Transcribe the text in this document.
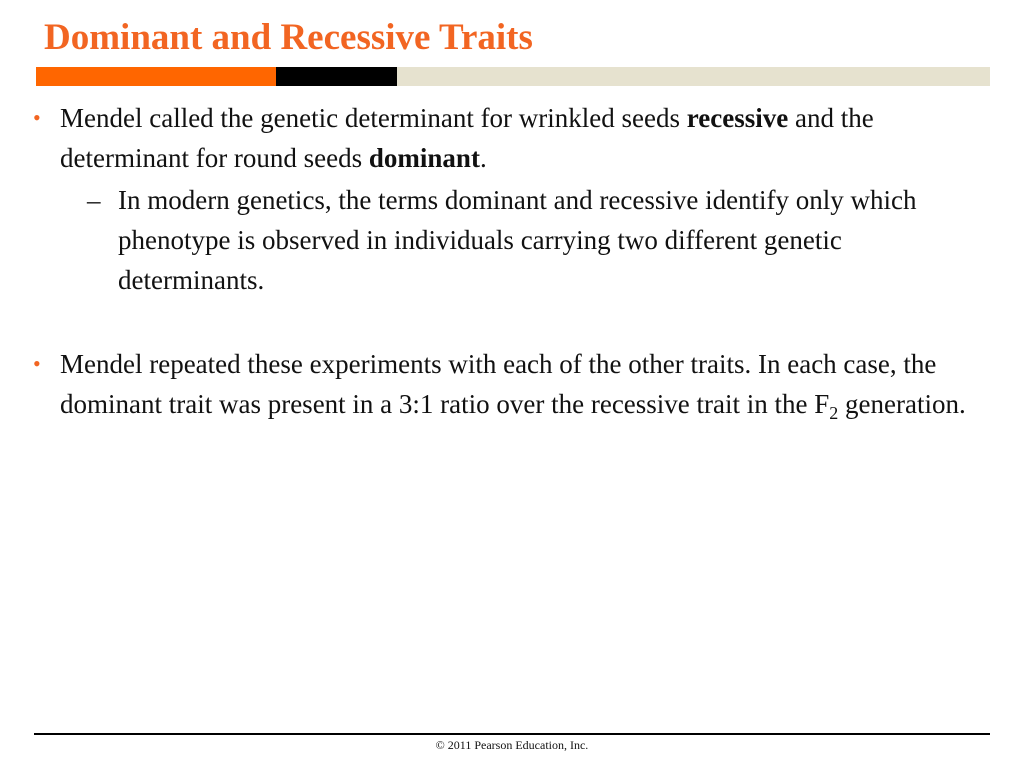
Dominant and Recessive Traits
• Mendel called the genetic determinant for wrinkled seeds recessive and the determinant for round seeds dominant.
– In modern genetics, the terms dominant and recessive identify only which phenotype is observed in individuals carrying two different genetic determinants.
• Mendel repeated these experiments with each of the other traits. In each case, the dominant trait was present in a 3:1 ratio over the recessive trait in the $F_2$ generation.
© 2011 Pearson Education, Inc.
